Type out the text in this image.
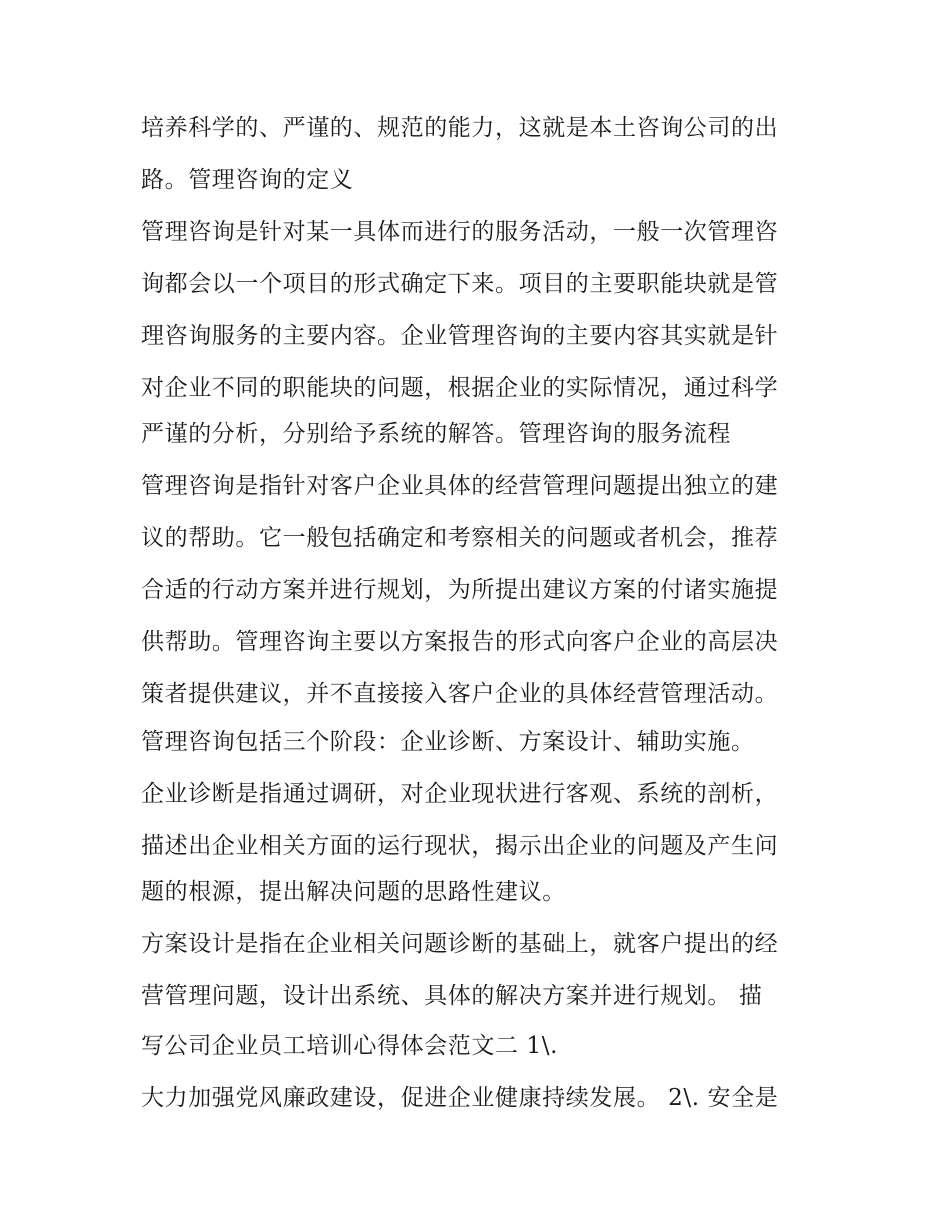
培养科学的、严谨的、规范的能力，这就是本土咨询公司的出
路。管理咨询的定义
管理咨询是针对某一具体而进行的服务活动，一般一次管理咨
询都会以一个项目的形式确定下来。项目的主要职能块就是管
理咨询服务的主要内容。企业管理咨询的主要内容其实就是针
对企业不同的职能块的问题，根据企业的实际情况，通过科学
严谨的分析，分别给予系统的解答。管理咨询的服务流程
管理咨询是指针对客户企业具体的经营管理问题提出独立的建
议的帮助。它一般包括确定和考察相关的问题或者机会，推荐
合适的行动方案并进行规划，为所提出建议方案的付诸实施提
供帮助。管理咨询主要以方案报告的形式向客户企业的高层决
策者提供建议，并不直接接入客户企业的具体经营管理活动。
管理咨询包括三个阶段：企业诊断、方案设计、辅助实施。
企业诊断是指通过调研，对企业现状进行客观、系统的剖析，
描述出企业相关方面的运行现状，揭示出企业的问题及产生问
题的根源，提出解决问题的思路性建议。
方案设计是指在企业相关问题诊断的基础上，就客户提出的经
营管理问题，设计出系统、具体的解决方案并进行规划。 描
写公司企业员工培训心得体会范文二 1\.
大力加强党风廉政建设，促进企业健康持续发展。 2\. 安全是
